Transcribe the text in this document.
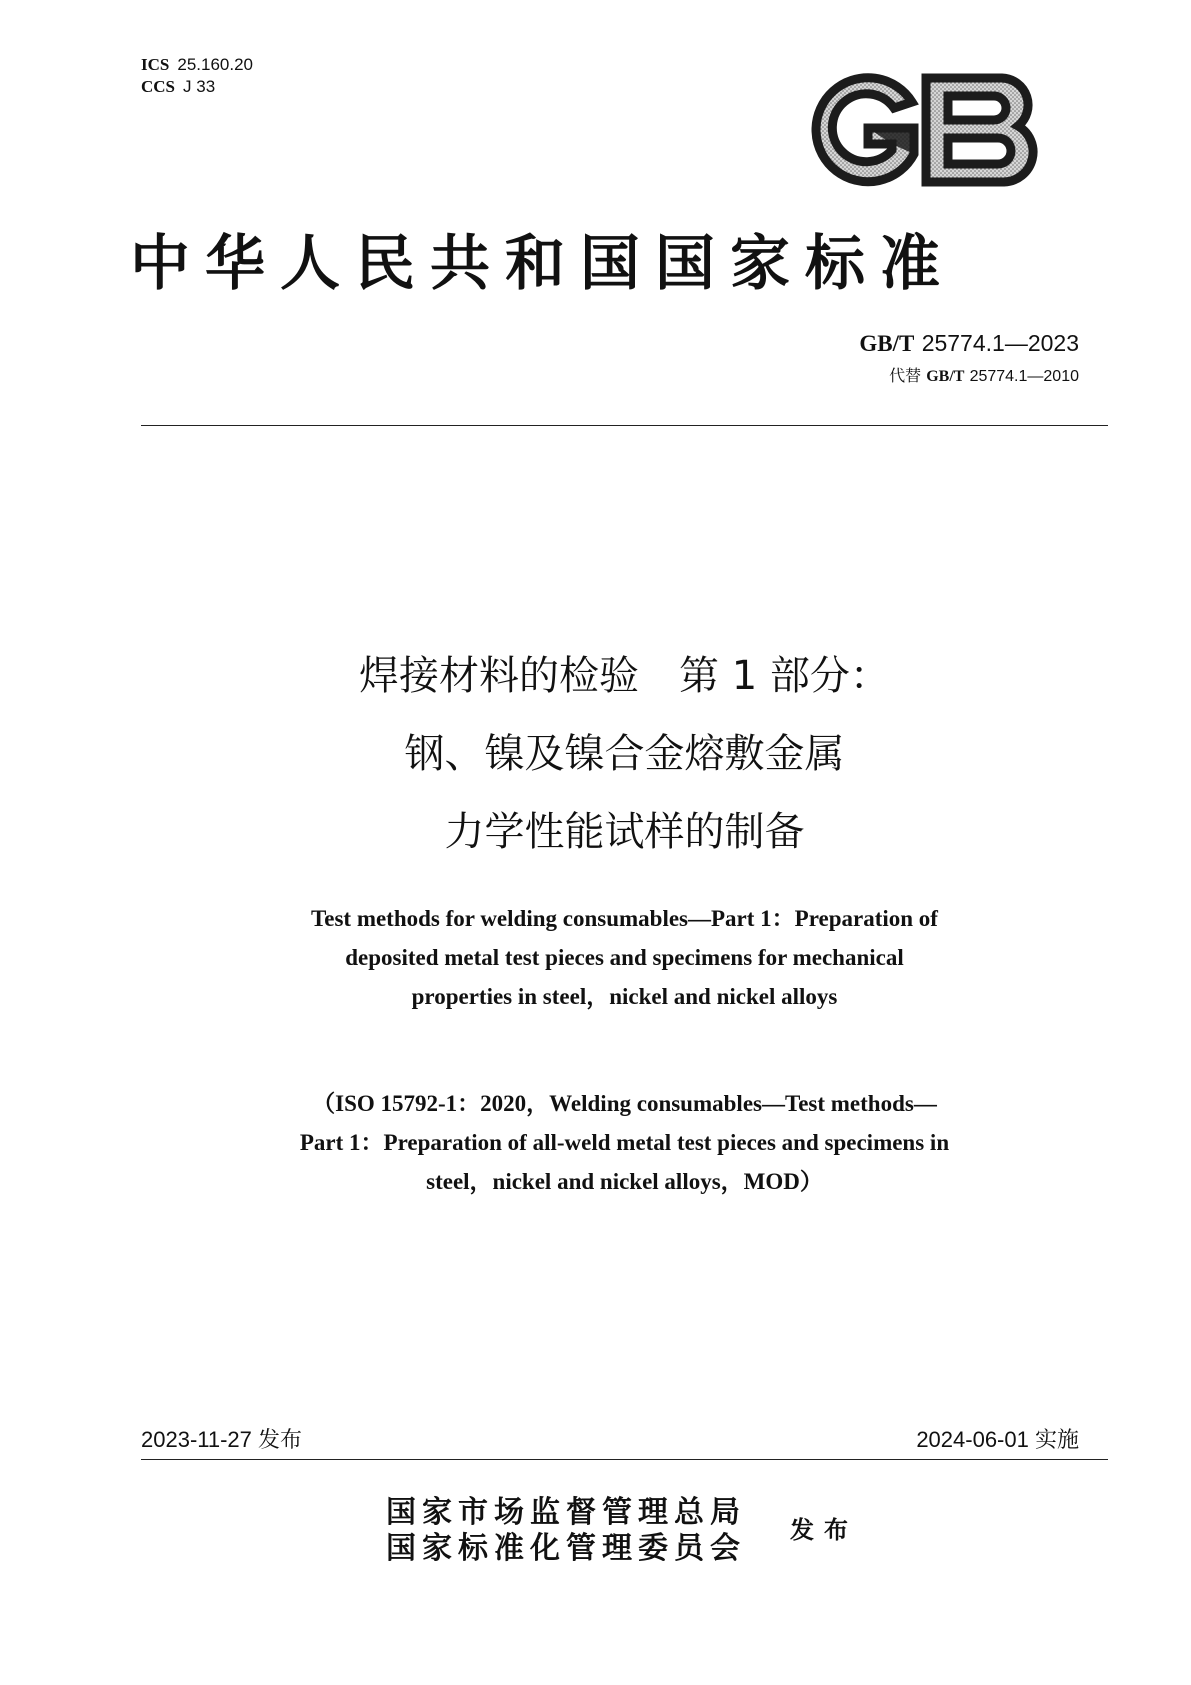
ICS 25.160.20
CCS J 33
中华人民共和国国家标准
GB/T 25774.1—2023
代替 GB/T 25774.1—2010
焊接材料的检验　第 1 部分：
钢、镍及镍合金熔敷金属
力学性能试样的制备
Test methods for welding consumables—Part 1：Preparation of
deposited metal test pieces and specimens for mechanical
properties in steel，nickel and nickel alloys
（ISO 15792-1：2020，Welding consumables—Test methods—
Part 1：Preparation of all-weld metal test pieces and specimens in
steel，nickel and nickel alloys，MOD）
2023-11-27 发布	2024-06-01 实施
国家市场监督管理总局
国家标准化管理委员会
发布
